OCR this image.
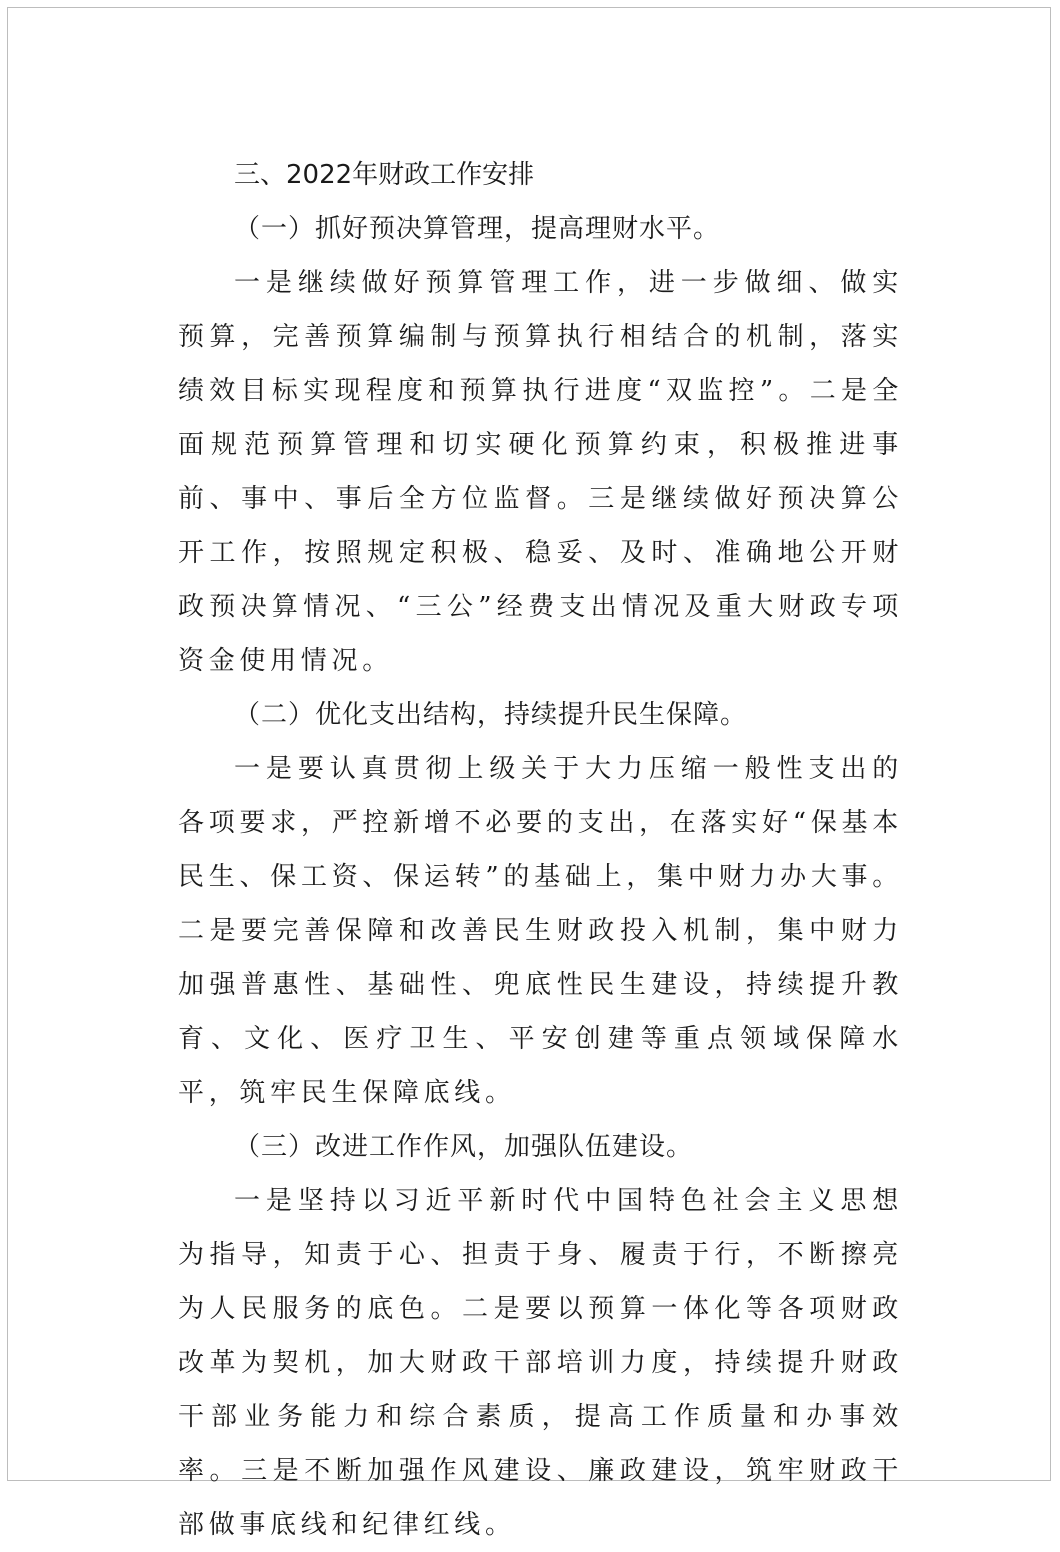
三、2022年财政工作安排
（一）抓好预决算管理，提高理财水平。

一是继续做好预算管理工作，进一步做细、做实预算，完善预算编制与预算执行相结合的机制，落实绩效目标实现程度和预算执行进度“双监控”。二是全面规范预算管理和切实硬化预算约束，积极推进事前、事中、事后全方位监督。三是继续做好预决算公开工作，按照规定积极、稳妥、及时、准确地公开财政预决算情况、“三公”经费支出情况及重大财政专项资金使用情况。

（二）优化支出结构，持续提升民生保障。

一是要认真贯彻上级关于大力压缩一般性支出的各项要求，严控新增不必要的支出，在落实好“保基本民生、保工资、保运转”的基础上，集中财力办大事。二是要完善保障和改善民生财政投入机制，集中财力加强普惠性、基础性、兜底性民生建设，持续提升教育、文化、医疗卫生、平安创建等重点领域保障水平，筑牢民生保障底线。

（三）改进工作作风，加强队伍建设。

一是坚持以习近平新时代中国特色社会主义思想为指导，知责于心、担责于身、履责于行，不断擦亮为人民服务的底色。二是要以预算一体化等各项财政改革为契机，加大财政干部培训力度，持续提升财政干部业务能力和综合素质，提高工作质量和办事效率。三是不断加强作风建设、廉政建设，筑牢财政干部做事底线和纪律红线。
